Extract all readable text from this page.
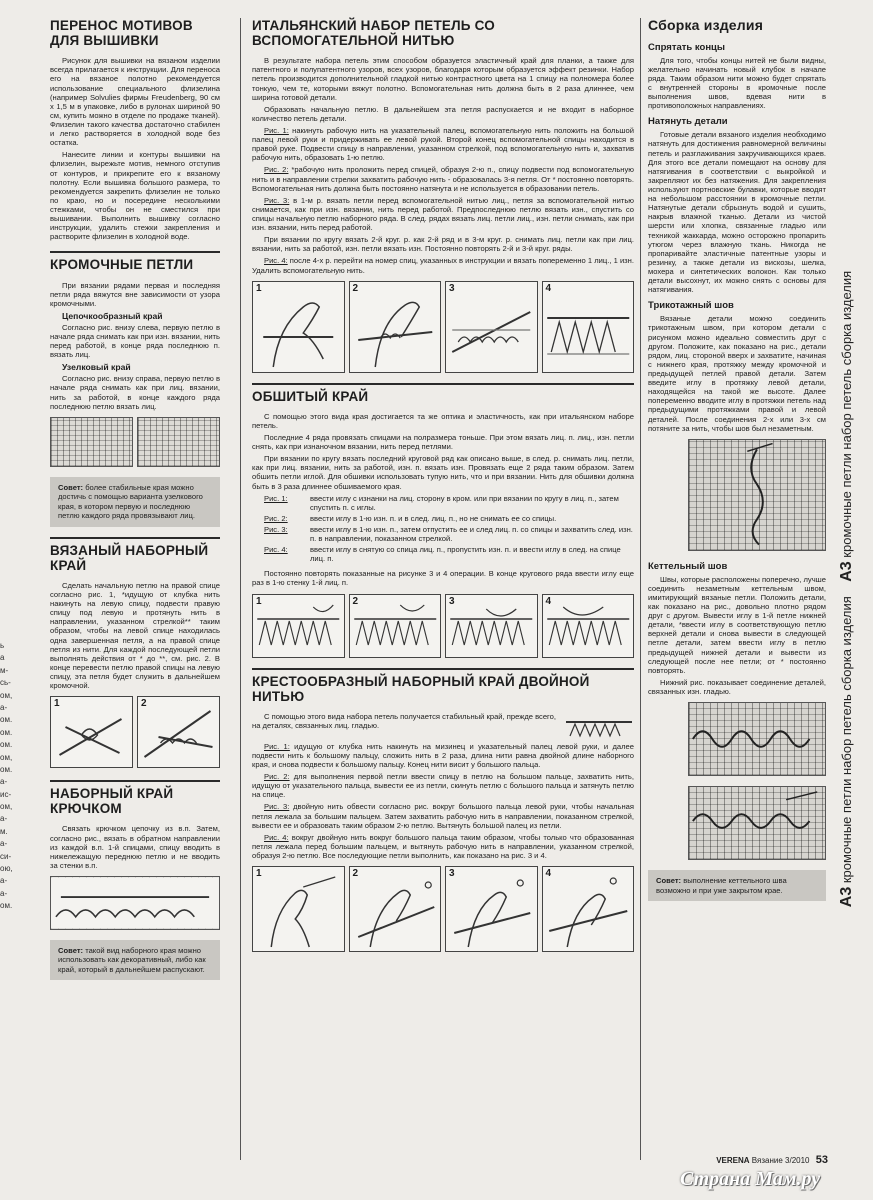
ПЕРЕНОС МОТИВОВ ДЛЯ ВЫШИВКИ

Рисунок для вышивки на вязаном изделии всегда прилагается к инструкции. Для переноса его на вязаное полотно рекомендуется использование специального флизелина (например Solvulies фирмы Freudenberg, 90 см х 1,5 м в упаковке, либо в рулонах шириной 90 см, купить можно в отделе по продаже тканей). Флизелин такого качества достаточно стабилен и легко растворяется в холодной воде без остатка.

Нанесите линии и контуры вышивки на флизелин, вырежьте мотив, немного отступив от контуров, и прикрепите его к вязаному полотну. Если вышивка большого размера, то рекомендуется закрепить флизелин не только по краю, но и посередине несколькими стежками, чтобы он не сместился при вышивании. Выполнить вышивку согласно инструкции, удалить стежки закрепления и растворите флизелин в холодной воде.

КРОМОЧНЫЕ ПЕТЛИ

При вязании рядами первая и последняя петли ряда вяжутся вне зависимости от узора кромочными.

Цепочкообразный край

Согласно рис. внизу слева, первую петлю в начале ряда снимать как при изн. вязании, нить перед работой, в конце ряда последнюю п. вязать лиц.

Узелковый край

Согласно рис. внизу справа, первую петлю в начале ряда снимать как при лиц. вязании, нить за работой, в конце каждого ряда последнюю петлю вязать лиц.

Совет: более стабильные края можно достичь с помощью варианта узелкового края, в котором первую и последнюю петлю каждого ряда провязывают лиц.
ВЯЗАНЫЙ НАБОРНЫЙ КРАЙ

Сделать начальную петлю на правой спице согласно рис. 1, *идущую от клубка нить накинуть на левую спицу, подвести правую спицу под левую и протянуть нить в направлении, указанном стрелкой** таким образом, чтобы на левой спице находилась одна завершенная петля, а на правой спице петля из нити. Для каждой последующей петли выполнять действия от * до **, см. рис. 2. В конце перевести петлю правой спицы на левую спицу, эта петля будет служить в дальнейшем кромочной.

1	2
НАБОРНЫЙ КРАЙ КРЮЧКОМ

Связать крючком цепочку из в.п. Затем, согласно рис., вязать в обратном направлении из каждой в.п. 1-й спицами, спицу вводить в нижележащую переднюю петлю и не вводить за стенки в.п.

Совет: такой вид наборного края можно использовать как декоративный, либо как край, который в дальнейшем распускают.
ИТАЛЬЯНСКИЙ НАБОР ПЕТЕЛЬ СО ВСПОМОГАТЕЛЬНОЙ НИТЬЮ

В результате набора петель этим способом образуется эластичный край для планки, а также для патентного и полупатентного узоров, всех узоров, благодаря которым образуется эффект резинки. Набор петель производится дополнительной гладкой нитью контрастного цвета на 1 спицу на полномера более тонкую, чем те, которыми вяжут полотно. Вспомогательная нить должна быть в 2 раза длиннее, чем ширина готовой детали.

Образовать начальную петлю. В дальнейшем эта петля распускается и не входит в наборное количество петель детали.

Рис. 1: накинуть рабочую нить на указательный палец, вспомогательную нить положить на большой палец левой руки и придерживать ее левой рукой. Второй конец вспомогательной спицы находится в правой руке. Подвести спицу в направлении, указанном стрелкой, под вспомогательную нить и, захватив рабочую нить, образовать 1-ю петлю.

Рис. 2: *рабочую нить проложить перед спицей, образуя 2-ю п., спицу подвести под вспомогательную нить и в направлении стрелки захватить рабочую нить - образовалась 3-я петля. От * постоянно повторять. Вспомогательная нить должна быть постоянно натянута и не используется в образовании петель.

Рис. 3: в 1-м р. вязать петли перед вспомогательной нитью лиц., петля за вспомогательной нитью снимается, как при изн. вязании, нить перед работой. Предпоследнюю петлю вязать изн., спустить со спицы начальную петлю наборного ряда. В след. рядах вязать лиц. петли лиц., изн. петли снимать, как при изн. вязании, нить перед работой.

При вязании по кругу вязать 2-й круг. р. как 2-й ряд и в 3-м круг. р. снимать лиц. петли как при лиц. вязании, нить за работой, изн. петли вязать изн. Постоянно повторять 2-й и 3-й круг. ряды.

Рис. 4: после 4-х р. перейти на номер спиц, указанных в инструкции и вязать попеременно 1 лиц., 1 изн. Удалить вспомогательную нить.

1	2	3	4
ОБШИТЫЙ КРАЙ

С помощью этого вида края достигается та же оптика и эластичность, как при итальянском наборе петель.

Последние 4 ряда провязать спицами на полразмера тоньше. При этом вязать лиц. п. лиц., изн. петли снять, как при изнаночном вязании, нить перед петлями.

При вязании по кругу вязать последний круговой ряд как описано выше, в след. р. снимать лиц. петли, как при лиц. вязании, нить за работой, изн. п. вязать изн. Провязать еще 2 ряда таким образом. Затем обшить петли иглой. Для обшивки использовать тупую нить, что и при вязании. Нить для обшивки должна быть в 3 раза длиннее обшиваемого края.

Рис. 1:	ввести иглу с изнанки на лиц. сторону в кром. или при вязании по кругу в лиц. п., затем спустить п. с иглы.
Рис. 2:	ввести иглу в 1-ю изн. п. и в след. лиц. п., но не снимать ее со спицы.
Рис. 3:	ввести иглу в 1-ю изн. п., затем отпустить ее и след лиц. п. со спицы и захватить след. изн. п. в направлении, показанном стрелкой.
Рис. 4:	ввести иглу в снятую со спица лиц. п., пропустить изн. п. и ввести иглу в след. на спице лиц. п.

Постоянно повторять показанные на рисунке 3 и 4 операции. В конце кругового ряда ввести иглу еще раз в 1-ю стенку 1-й лиц. п.

1	2	3	4
КРЕСТООБРАЗНЫЙ НАБОРНЫЙ КРАЙ ДВОЙНОЙ НИТЬЮ

С помощью этого вида набора петель получается стабильный край, прежде всего, на деталях, связанных лиц. гладью.

Рис. 1: идущую от клубка нить накинуть на мизинец и указательный палец левой руки, и далее подвести нить к большому пальцу, сложить нить в 2 раза, длина нити равна двойной длине наборного края, и снова подвести к большому пальцу. Конец нити висит у большого пальца.

Рис. 2: для выполнения первой петли ввести спицу в петлю на большом пальце, захватить нить, идущую от указательного пальца, вывести ее из петли, скинуть петлю с большого пальца и затянуть петлю на спице.

Рис. 3: двойную нить обвести согласно рис. вокруг большого пальца левой руки, чтобы начальная петля лежала за большим пальцем. Затем захватить рабочую нить в направлении, показанном стрелкой, вывести ее и образовать таким образом 2-ю петлю. Вытянуть большой палец из петли.

Рис. 4: вокруг двойную нить вокруг большого пальца таким образом, чтобы только что образованная петля лежала перед большим пальцем, и вытянуть рабочую нить в направлении, указанном стрелкой, образуя 2-ю петлю. Все последующие петли выполнить, как показано на рис. 3 и 4.

1	2	3	4
Сборка изделия
Спрятать концы

Для того, чтобы концы нитей не были видны, желательно начинать новый клубок в начале ряда. Таким образом нити можно будет спрятать с внутренней стороны в кромочные после выполнения швов, вдевая нити в противоположных направлениях.

Натянуть детали

Готовые детали вязаного изделия необходимо натянуть для достижения равномерной величины петель и разглаживания закручивающихся краев. Для этого все детали помещают на основу для натягивания в соответствии с выкройкой и закрепляют их без натяжения. Для закрепления используют портновские булавки, которые вводят на небольшом расстоянии в кромочные петли. Натянутые детали сбрызнуть водой и сушить, накрыв влажной тканью. Детали из чистой шерсти или хлопка, связанные гладью или техникой жаккарда, можно осторожно пропарить утюгом через влажную ткань. Никогда не пропаривайте эластичные патентные узоры и резинку, а также детали из вискозы, шелка, мохера и синтетических волокон. Как только детали высохнут, их можно снять с основы для натягивания.

Трикотажный шов

Вязаные детали можно соединить трикотажным швом, при котором детали с рисунком можно идеально совместить друг с другом. Положите, как показано на рис., детали рядом, лиц. стороной вверх и захватите, начиная с нижнего края, протяжку между кромочной и предыдущей петлей правой детали. Затем введите иглу в протяжку левой детали, находящейся на такой же высоте. Далее попеременно вводите иглу в протяжки петель над предыдущими протяжками правой и левой деталей. После соединения 2-х или 3-х см потяните за нить, чтобы шов был незаметным.

Кеттельный шов

Швы, которые расположены поперечно, лучше соединить незаметным кеттельным швом, имитирующий вязаные петли. Положить детали, как показано на рис., довольно плотно рядом друг с другом. Вывести иглу в 1-й петле нижней детали, *ввести иглу в соответствующую петлю верхней детали и снова вывести в следующей петле детали, затем ввести иглу в петлю предыдущей нижней детали и вывести из следующей после нее петли; от * постоянно повторять.

Нижний рис. показывает соединение деталей, связанных изн. гладью.

Совет: выполнение кеттельного шва возможно и при уже закрытом крае.	А3 кромочные петли набор петель сборка изделия    А3 кромочные петли набор петель сборка изделия
ь
а
м-
сь-
ом,
а-
ом.
ом.
ом.
ом,
ом.
а-
ис-
ом,
а-
м.
а-
си-
ою,
а-
а-
ом.
VERENA Вязание 3/2010 53
Страна Мам.ру
